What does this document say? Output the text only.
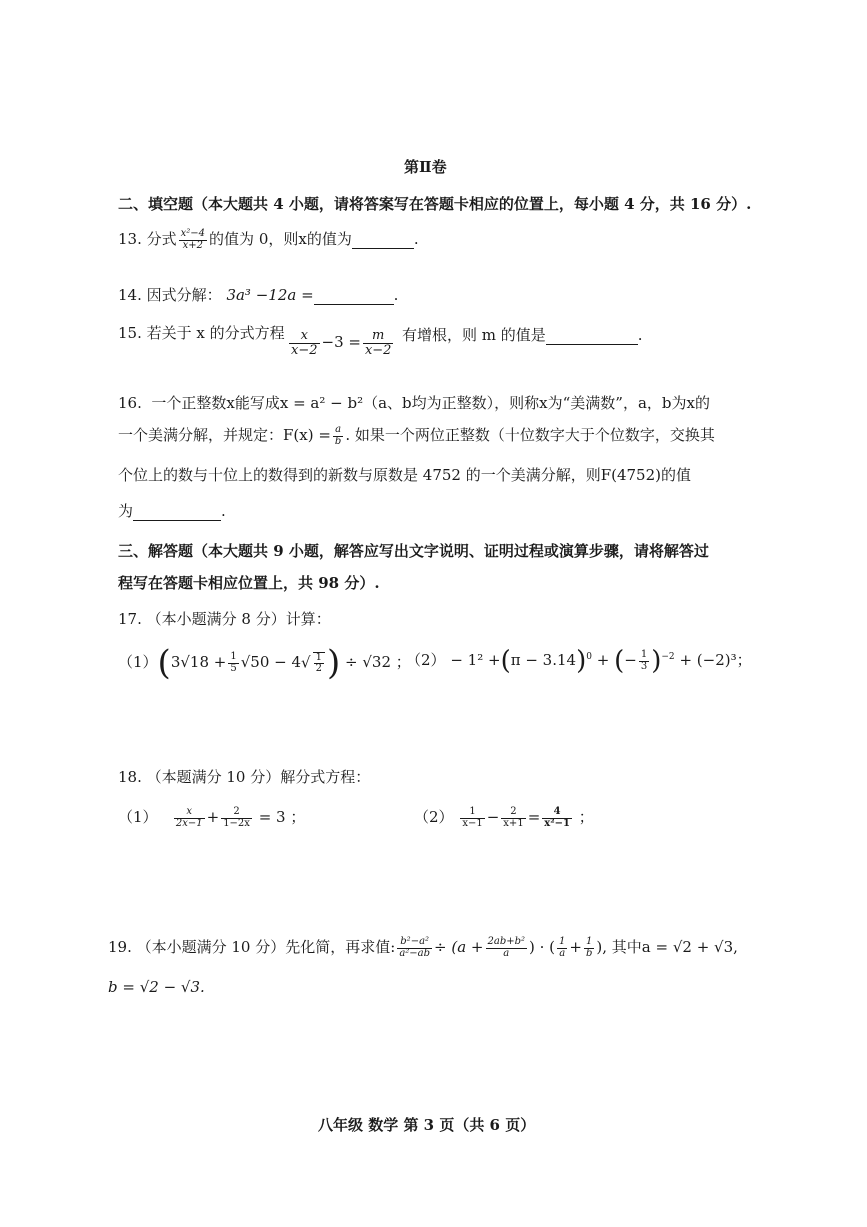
第Ⅱ卷
二、填空题（本大题共 4 小题，请将答案写在答题卡相应的位置上，每小题 4 分，共 16 分）.
13. 分式 $\frac{\text{x²−4}}{x+2}$ 的值为 0，则x的值为	.
14. 因式分解： 3a³ −12a =	.
15. 若关于 x 的分式方程 $\frac{x}{x-2} -3 = \frac{m}{x-2}$ 有增根，则 m 的值是	.
16. 一个正整数x能写成x = a² − b²（a、b均为正整数），则称x为“美满数”，a，b为x的
一个美满分解，并规定：$F(x) = \frac{a}{b}$ . 如果一个两位正整数（十位数字大于个位数字，交换其
个位上的数与十位上的数得到的新数与原数是 4752 的一个美满分解，则F(4752)的值
为	.
三、解答题（本大题共 9 小题，解答应写出文字说明、证明过程或演算步骤，请将解答过
程写在答题卡相应位置上，共 98 分）.
17. （本小题满分 8 分）计算：
$(1)(3√18 + \frac{1}{5} √50 - 4√ \frac{1}{2}$ ) ÷ √32 ；
$(2) - 1^2 +(\pi - 3.14)^0$ + (− $\frac{1}{3} )^{-2} + (-2)^3$；
18. （本题满分 10 分）解分式方程：
$(1) \frac{x}{2x-1} + \frac{2}{1-2x} = 3$ ；	$(2) \frac{1}{x-1} - \frac{2}{x+1} = \frac{4}{\text{x²−1}}$ ；
19. （本小题满分 10 分）先化简，再求值: $\frac{\text{b²−a²}}{\text{a²−ab}} \div (a + \frac{\text{2ab+b²}}{a}$ ) · ( $\frac{1}{a} + \frac{1}{b}$ ), 其中a = √2 + √3,
b = √2 − √3.
八年级 数学 第 3 页（共 6 页）
